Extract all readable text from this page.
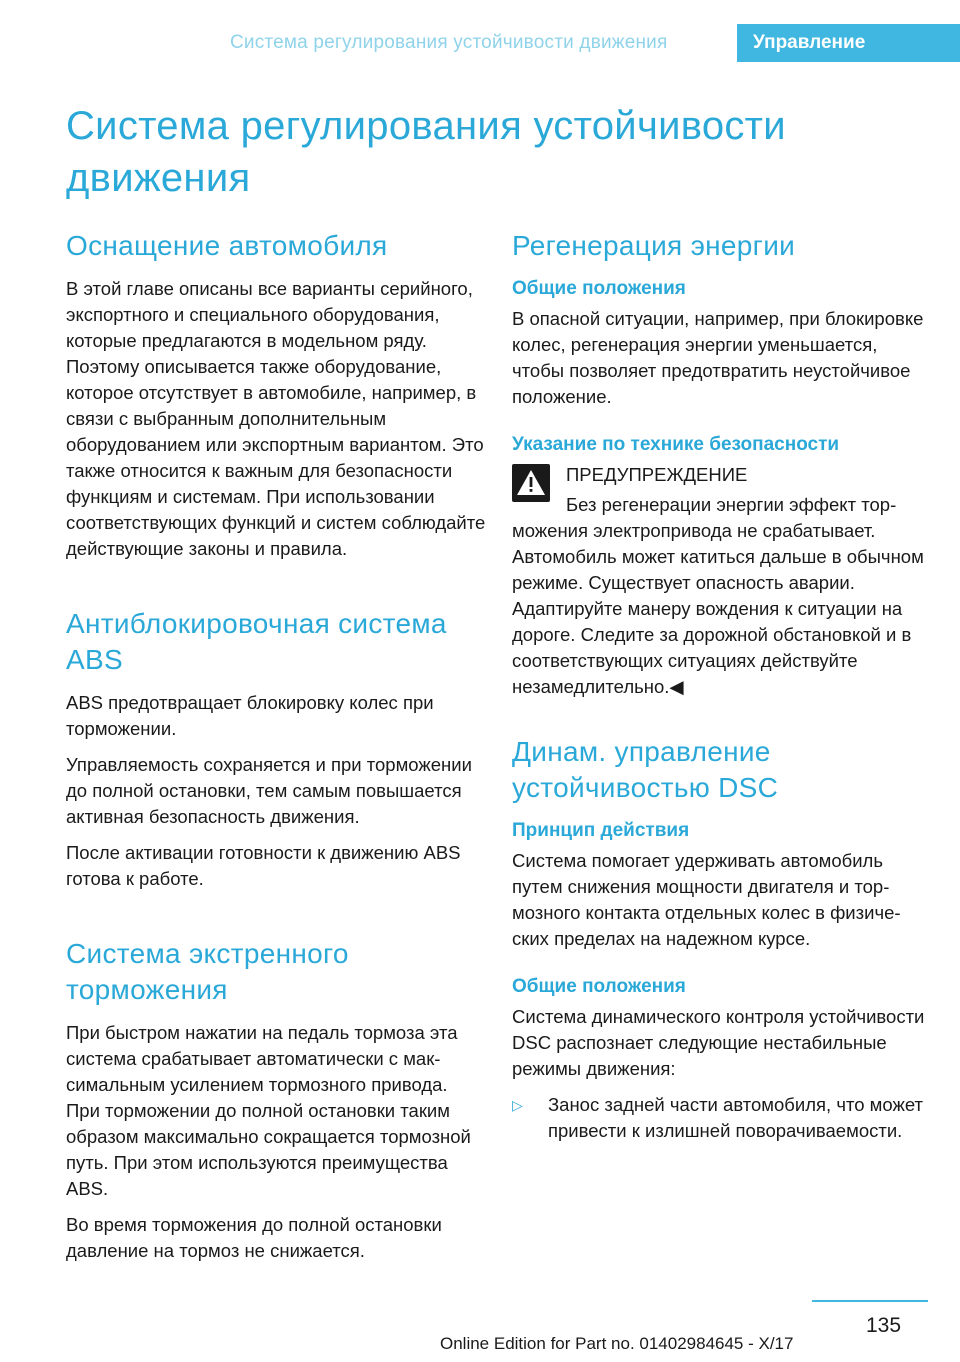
Система регулирования устойчивости движения	Управление
Система регулирования устойчивости движения
Оснащение автомобиля

В этой главе описаны все варианты серийного, экспортного и специального оборудования, которые предлагаются в модельном ряду. Поэтому описывается также оборудование, которое отсутствует в автомобиле, например, в связи с выбранным дополнительным оборудованием или экспортным вариантом. Это также относится к важным для безопасности функциям и системам. При использовании соответствующих функций и систем соблюдайте действующие законы и правила.

Антиблокировочная система ABS

ABS предотвращает блокировку колес при торможении.

Управляемость сохраняется и при торможении до полной остановки, тем самым повышается активная безопасность движения.

После активации готовности к движению ABS готова к работе.

Система экстренного торможения

При быстром нажатии на педаль тормоза эта система срабатывает автоматически с максимальным усилением тормозного привода. При торможении до полной остановки таким образом максимально сокращается тормозной путь. При этом используются преимущества ABS.

Во время торможения до полной остановки давление на тормоз не снижается.

Регенерация энергии
Общие положения

В опасной ситуации, например, при блокировке колес, регенерация энергии уменьшается, чтобы позволяет предотвратить неустойчивое положение.

Указание по технике безопасности

ПРЕДУПРЕЖДЕНИЕ

Без регенерации энергии эффект торможения электропривода не срабатывает. Автомобиль может катиться дальше в обычном режиме. Существует опасность аварии. Адаптируйте манеру вождения к ситуации на дороге. Следите за дорожной обстановкой и в соответствующих ситуациях действуйте незамедлительно.◀

Динам. управление устойчивостью DSC
Принцип действия

Система помогает удерживать автомобиль путем снижения мощности двигателя и тормозного контакта отдельных колес в физических пределах на надежном курсе.

Общие положения

Система динамического контроля устойчивости DSC распознает следующие нестабильные режимы движения:

▷ Занос задней части автомобиля, что может привести к излишней поворачиваемости.

135
Online Edition for Part no. 01402984645 - X/17
